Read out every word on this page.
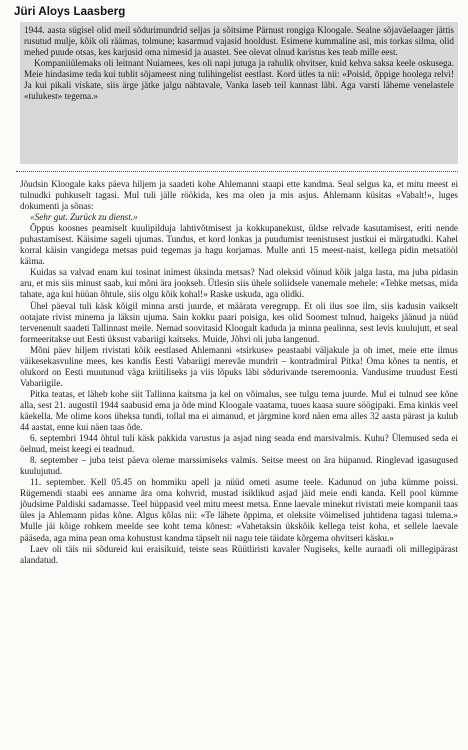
Jüri Aloys Laasberg

1944. aasta sügisel olid meil sõdurimundrid seljas ja sõitsime Pärnust rongiga Kloogale. Sealne sõjaväelaager jättis rusutud mulje, kõik oli räämas, tolmune; kasarmud vajasid hooldust. Esimene kummaline asi, mis torkas silma, olid mehed puude otsas, kes karjusid oma nimesid ja auastet. See olevat olnud karistus kes teab mille eest.

Kompaniiülemaks oli leitnant Nuiamees, kes oli napi jutuga ja rahulik ohvitser, kuid kehva saksa keele oskusega. Meie hindasime teda kui tublit sõjameest ning tulihingelist eestlast. Kord ütles ta nii: «Poisid, õppige hoolega relvi! Ja kui pikali viskate, siis ärge jätke jalgu nähtavale, Vanka laseb teil kannast läbi. Aga varsti läheme venelastele «tulukest» tegema.»

Jõudsin Kloogale kaks päeva hiljem ja saadeti kohe Ahlemanni staapi ette kandma. Seal selgus ka, et mitu meest ei tulnudki puhkuselt tagasi. Mul tuli jälle röökida, kes ma olen ja mis asjus. Ahlemann küsitas «Vabalt!», luges dokumenti ja sõnas:

«Sehr gut. Zurück zu dienst.»

Õppus koosnes peamiselt kuulipilduja lahtivõtmisest ja kokkupanekust, üldse relvade kasutamisest, eriti nende puhastamisest. Käisime sageli ujumas. Tundus, et kord lonkas ja puudumist teenistusest justkui ei märgatudki. Kahel korral käisin vangidega metsas puid tegemas ja hagu korjamas. Mulle anti 15 meest-naist, kellega pidin metsatööl käima.

Kuidas sa valvad enam kui tosinat inimest üksinda metsas? Nad oleksid võinud kõik jalga lasta, ma juba pidasin aru, et mis siis minust saab, kui mõni ära jookseb. Ütlesin siis ühele soliidsele vanemale mehele: «Tehke metsas, mida tahate, aga kui hüüan õhtule, siis olgu kõik kohal!» Raske uskuda, aga olidki.

Ühel päeval tuli käsk kõigil minna arsti juurde, et määrata veregrupp. Et oli ilus soe ilm, siis kadusin vaikselt ootajate rivist minema ja läksin ujuma. Sain kokku paari poisiga, kes olid Soomest tulnud, haigeks jäänud ja nüüd tervenenult saadeti Tallinnast meile. Nemad soovitasid Kloogalt kaduda ja minna pealinna, sest levis kuulujutt, et seal formeeritakse uut Eesti üksust vabariigi kaitseks. Muide, Jõhvi oli juba langenud.

Mõni päev hiljem rivistati kõik eestlased Ahlemanni «tsirkuse» peastaabi väljakule ja oh imet, meie ette ilmus väikesekasvuline mees, kes kandis Eesti Vabariigi merevãe mundrit – kontradmiral Pitka! Oma kõnes ta nentis, et olukord on Eesti muutunud väga kriitiliseks ja viis lõpuks läbi sõdurivande tseremoonia. Vandusime truudust Eesti Vabariigile.

Pitka teatas, et läheb kohe siit Tallinna kaitsma ja kel on võimalus, see tulgu tema juurde. Mul ei tulnud see kõne alla, sest 21. augustil 1944 saabusid ema ja õde mind Kloogale vaatama, tuues kaasa suure söögipaki. Ema kinkis veel käekella. Me olime koos üheksa tundi, tollal ma ei aimanud, et järgmine kord näen ema alles 32 aasta pärast ja kulub 44 aastat, enne kui näen taas õde.

6. septembri 1944 õhtul tuli käsk pakkida varustus ja asjad ning seada end marsivalmis. Kuhu? Ülemused seda ei öelnud, meist keegi ei teadnud.

8. september – juba teist päeva oleme marssimiseks valmis. Seitse meest on ära hüpanud. Ringlevad igasugused kuulujutud.

11. september. Kell 05.45 on hommiku apell ja nüüd ometi asume teele. Kadunud on juba kümme poissi. Rügemendi staabi ees anname ära oma kohvrid, mustad isiklikud asjad jäid meie endi kanda. Kell pool kümme jõudsime Paldiski sadamasse. Teel hüppasid veel mitu meest metsa. Enne laevale minekut rivistati meie kompanii taas üles ja Ahlemann pidas kõne. Algus kõlas nii: «Te lähete õppima, et oleksite võimelised juhtidena tagasi tulema.» Mulle jäi kõige rohkem meelde see koht tema kõnest: «Vahetaksin ükskõik kellega teist koha, et sellele laevale pääseda, aga mina pean oma kohustust kandma täpselt nii nagu teie täidate kõrgema ohvitseri käsku.»

Laev oli täis nii sõdureid kui eraisikuid, teiste seas Rüütliristi kavaler Nugiseks, kelle auraadi oli millegipärast alandatud.
